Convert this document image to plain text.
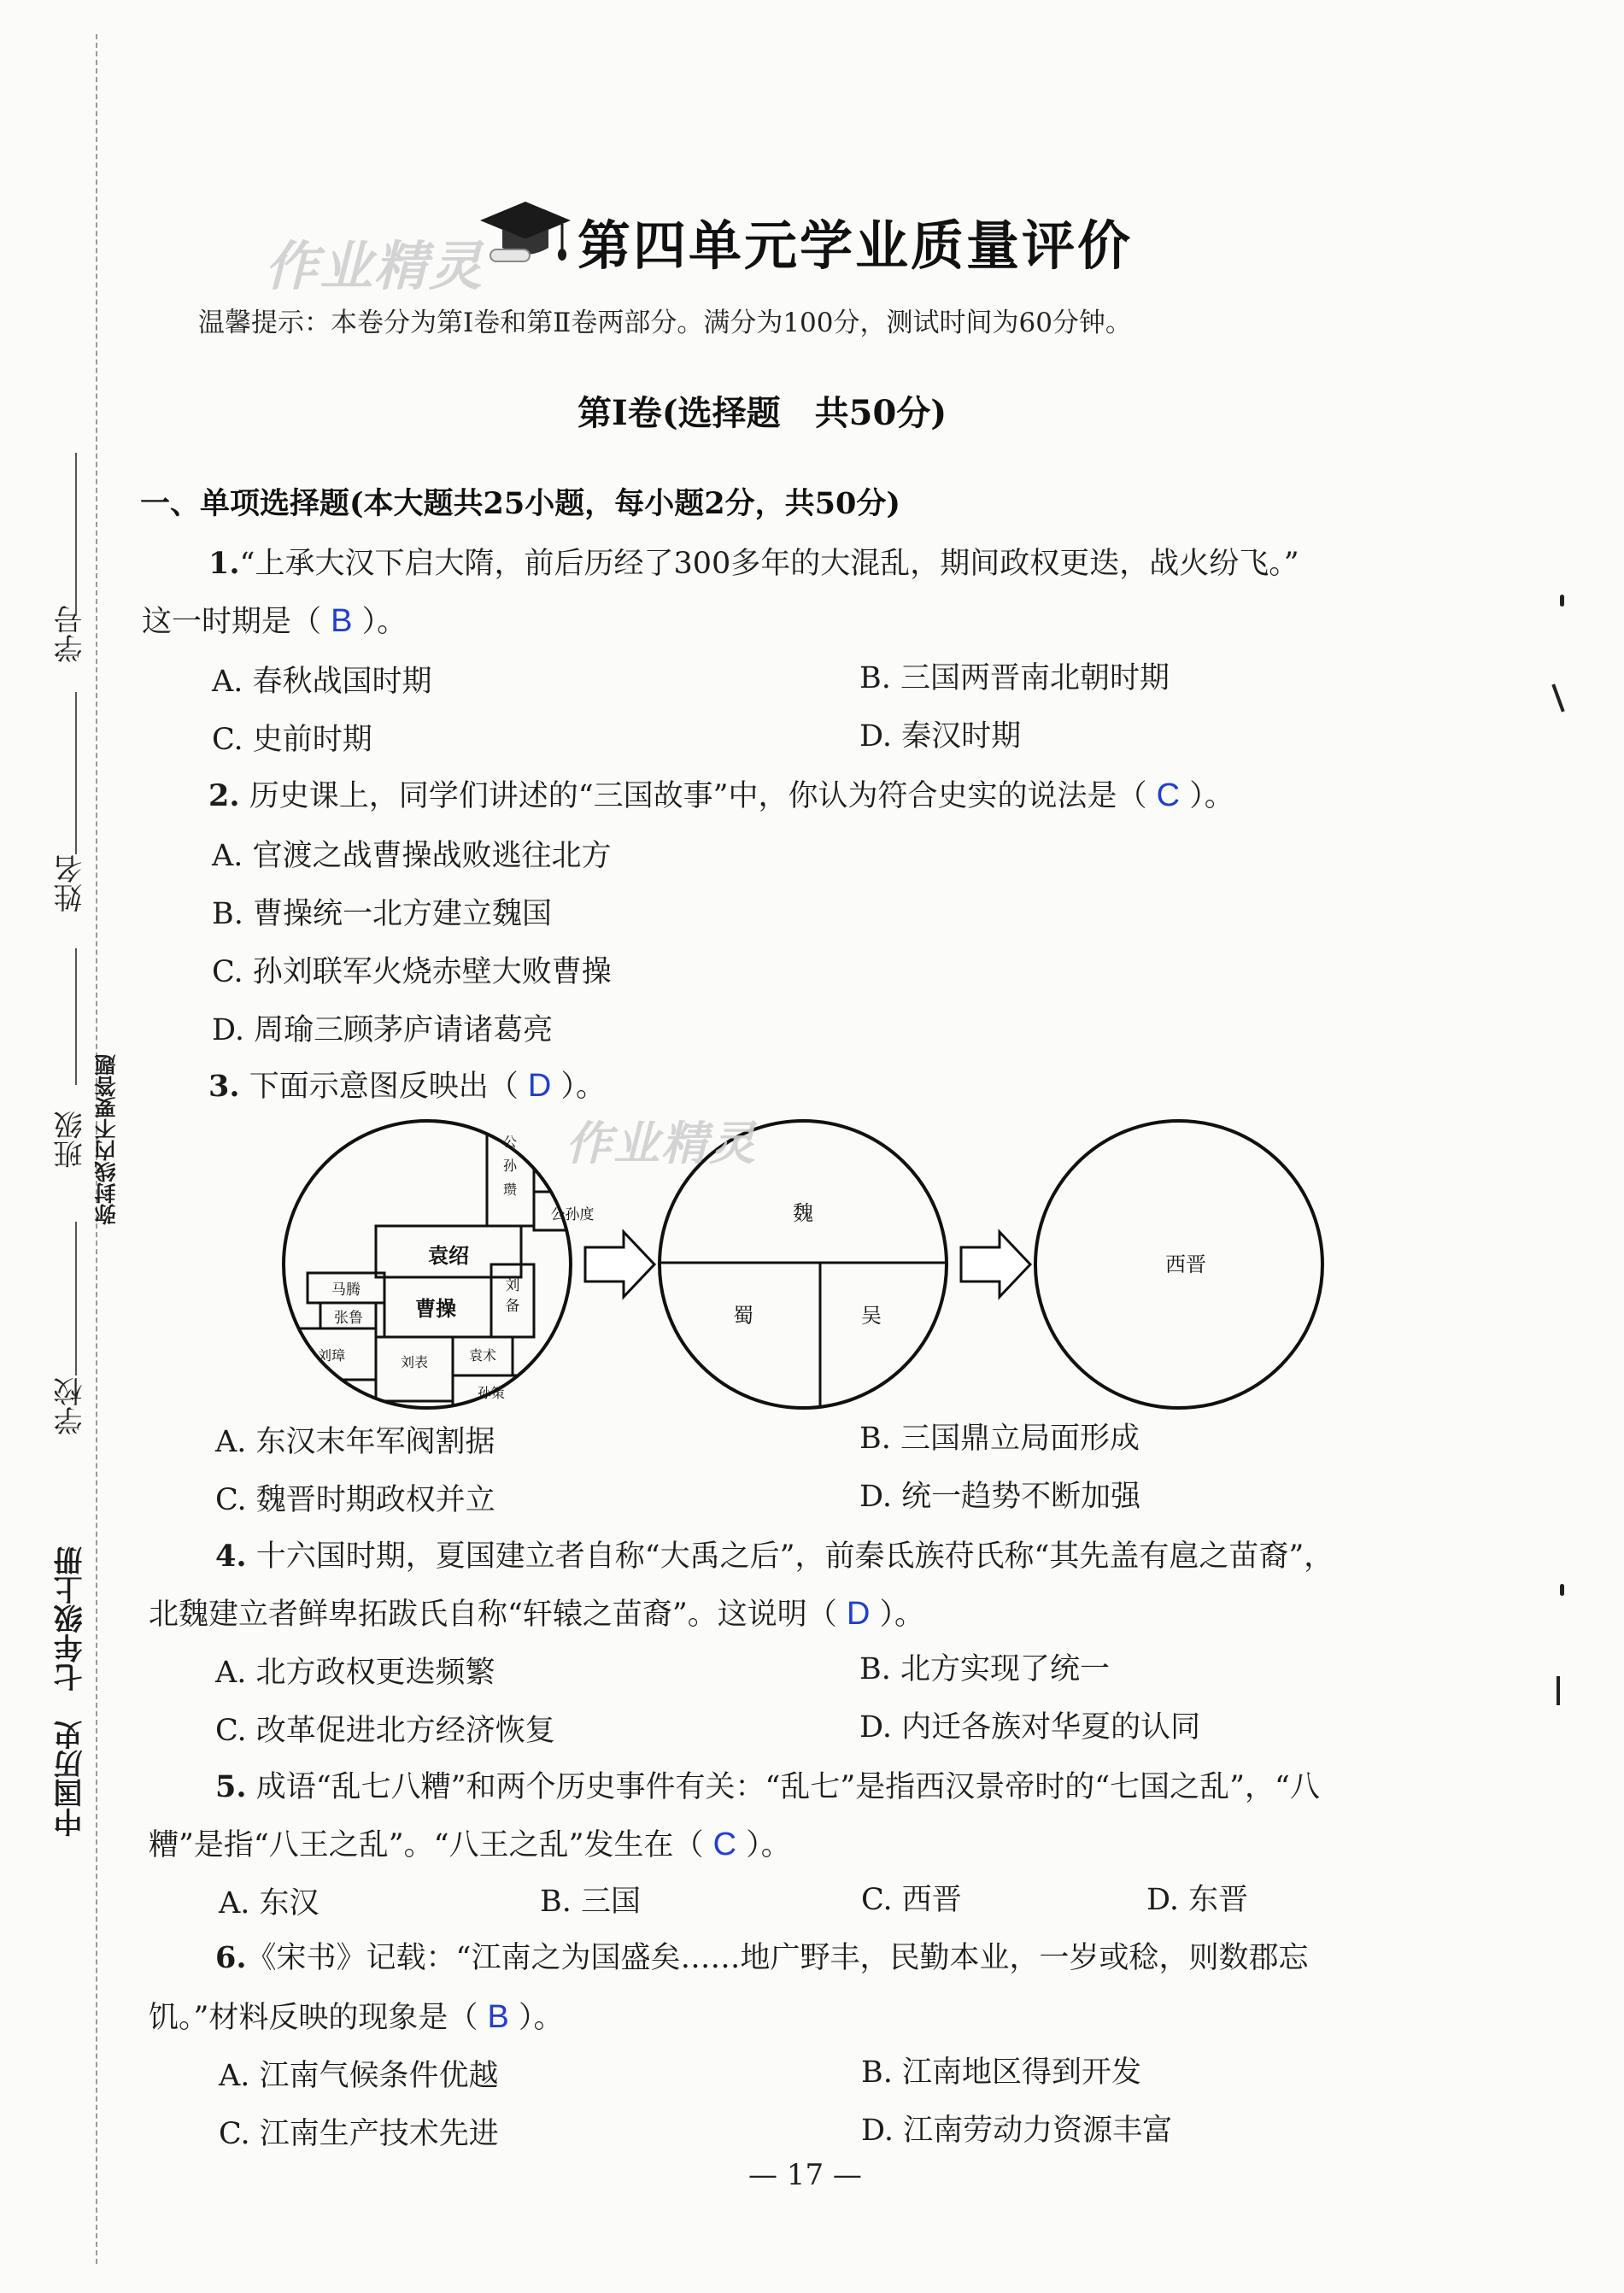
学号
姓名
班级 弥封线内不要答题
学校
中国历史　七年级上册
作业精灵 第四单元学业质量评价
温馨提示：本卷分为第Ⅰ卷和第Ⅱ卷两部分。满分为100分，测试时间为60分钟。
第Ⅰ卷(选择题　共50分)
一、单项选择题(本大题共25小题，每小题2分，共50分)
1.“上承大汉下启大隋，前后历经了300多年的大混乱，期间政权更迭，战火纷飞。”
这一时期是（ B ）。
A. 春秋战国时期	B. 三国两晋南北朝时期
C. 史前时期	D. 秦汉时期
2. 历史课上，同学们讲述的“三国故事”中，你认为符合史实的说法是（ C ）。
A. 官渡之战曹操战败逃往北方
B. 曹操统一北方建立魏国
C. 孙刘联军火烧赤壁大败曹操
D. 周瑜三顾茅庐请诸葛亮
3. 下面示意图反映出（ D ）。
公孙瓒
公孙度
袁绍
曹操
马腾
张鲁
刘备
刘璋	刘表	袁术
孙策
魏
蜀	吴
西晋
作业精灵
A. 东汉末年军阀割据	B. 三国鼎立局面形成
C. 魏晋时期政权并立	D. 统一趋势不断加强
4. 十六国时期，夏国建立者自称“大禹之后”，前秦氐族苻氏称“其先盖有扈之苗裔”，
北魏建立者鲜卑拓跋氏自称“轩辕之苗裔”。这说明（ D ）。
A. 北方政权更迭频繁	B. 北方实现了统一
C. 改革促进北方经济恢复	D. 内迁各族对华夏的认同
5. 成语“乱七八糟”和两个历史事件有关：“乱七”是指西汉景帝时的“七国之乱”，“八
糟”是指“八王之乱”。“八王之乱”发生在（ C ）。
A. 东汉	B. 三国	C. 西晋	D. 东晋
6.《宋书》记载：“江南之为国盛矣……地广野丰，民勤本业，一岁或稔，则数郡忘
饥。”材料反映的现象是（ B ）。
A. 江南气候条件优越	B. 江南地区得到开发
C. 江南生产技术先进	D. 江南劳动力资源丰富
— 17 —
